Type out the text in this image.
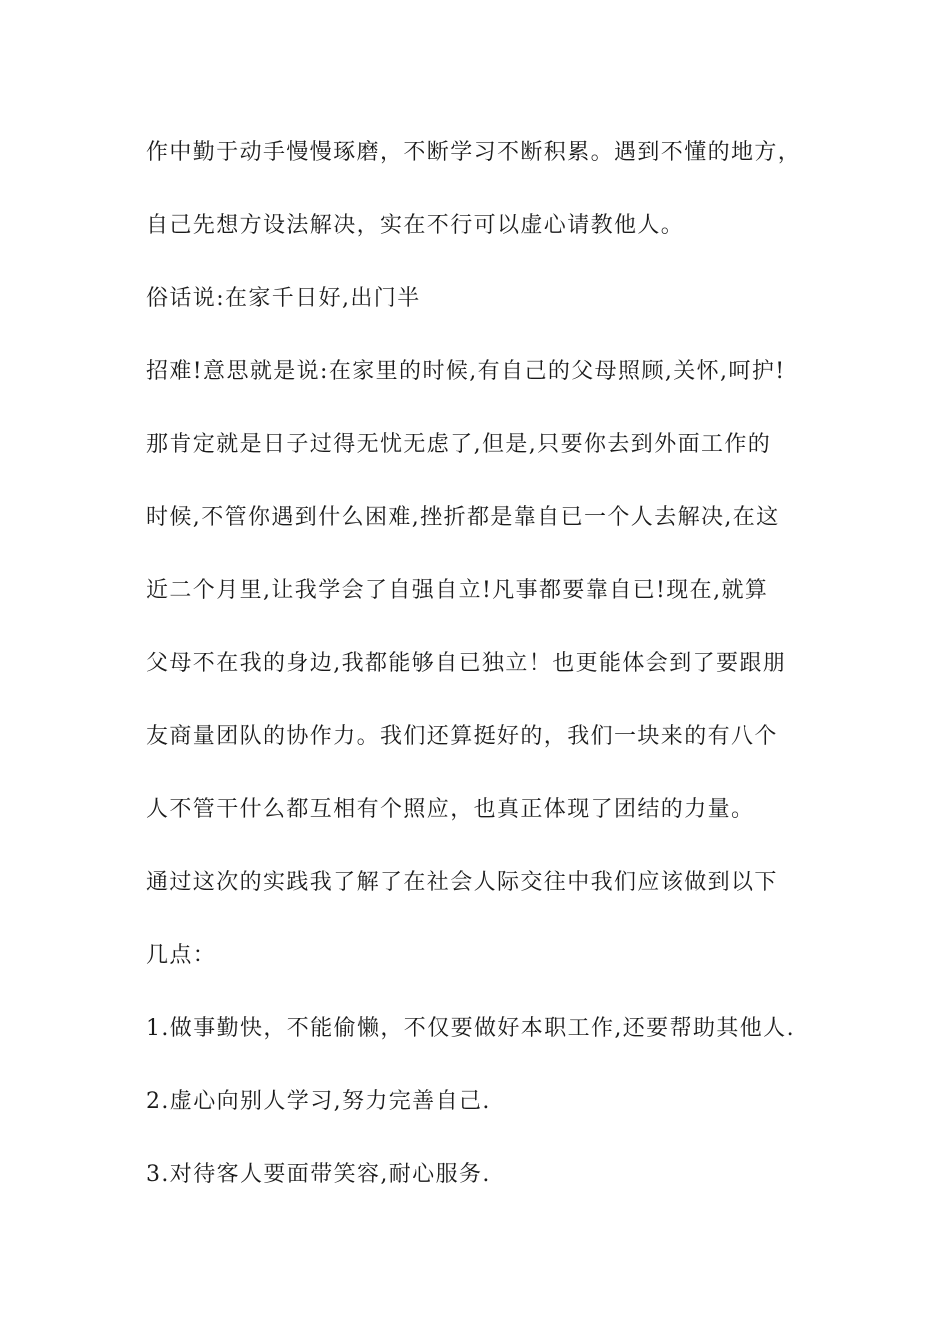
作中勤于动手慢慢琢磨，不断学习不断积累。遇到不懂的地方，
自己先想方设法解决，实在不行可以虚心请教他人。
俗话说:在家千日好,出门半
招难!意思就是说:在家里的时候,有自己的父母照顾,关怀,呵护!
那肯定就是日子过得无忧无虑了,但是,只要你去到外面工作的
时候,不管你遇到什么困难,挫折都是靠自已一个人去解决,在这
近二个月里,让我学会了自强自立!凡事都要靠自已!现在,就算
父母不在我的身边,我都能够自已独立！也更能体会到了要跟朋
友商量团队的协作力。我们还算挺好的，我们一块来的有八个
人不管干什么都互相有个照应，也真正体现了团结的力量。
通过这次的实践我了解了在社会人际交往中我们应该做到以下
几点：
1.做事勤快，不能偷懒，不仅要做好本职工作,还要帮助其他人.
2.虚心向别人学习,努力完善自己.
3.对待客人要面带笑容,耐心服务.
